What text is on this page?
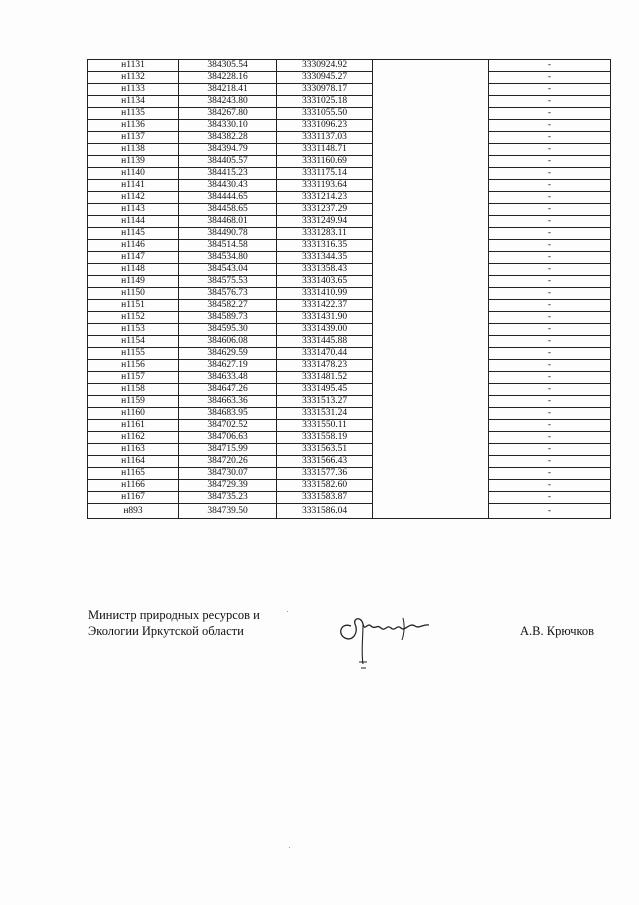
н1131	384305.54	3330924.92		-
н1132	384228.16	3330945.27		-
н1133	384218.41	3330978.17		-
н1134	384243.80	3331025.18		-
н1135	384267.80	3331055.50		-
н1136	384330.10	3331096.23		-
н1137	384382.28	3331137.03		-
н1138	384394.79	3331148.71		-
н1139	384405.57	3331160.69		-
н1140	384415.23	3331175.14		-
н1141	384430.43	3331193.64		-
н1142	384444.65	3331214.23		-
н1143	384458.65	3331237.29		-
н1144	384468.01	3331249.94		-
н1145	384490.78	3331283.11		-
н1146	384514.58	3331316.35		-
н1147	384534.80	3331344.35		-
н1148	384543.04	3331358.43		-
н1149	384575.53	3331403.65		-
н1150	384576.73	3331410.99		-
н1151	384582.27	3331422.37		-
н1152	384589.73	3331431.90		-
н1153	384595.30	3331439.00		-
н1154	384606.08	3331445.88		-
н1155	384629.59	3331470.44		-
н1156	384627.19	3331478.23		-
н1157	384633.48	3331481.52		-
н1158	384647.26	3331495.45		-
н1159	384663.36	3331513.27		-
н1160	384683.95	3331531.24		-
н1161	384702.52	3331550.11		-
н1162	384706.63	3331558.19		-
н1163	384715.99	3331563.51		-
н1164	384720.26	3331566.43		-
н1165	384730.07	3331577.36		-
н1166	384729.39	3331582.60		-
н1167	384735.23	3331583.87		-
н893	384739.50	3331586.04		-
Министр природных ресурсов и
Экологии Иркутской области	А.В. Крючков
